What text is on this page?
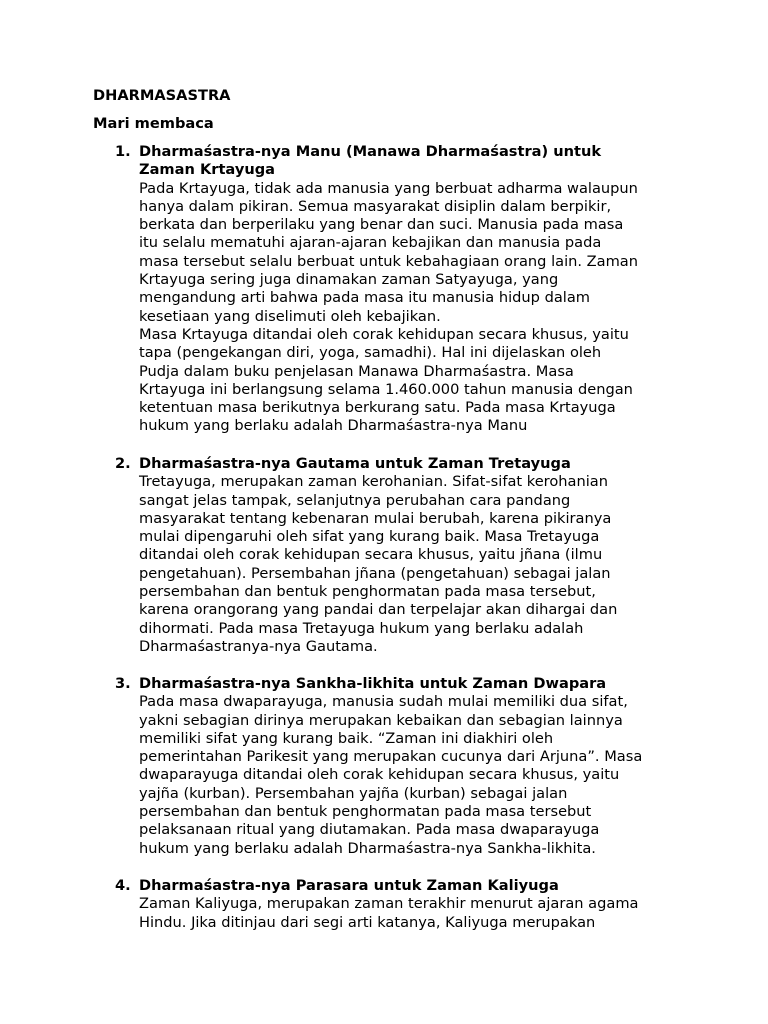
DHARMASASTRA
Mari membaca
1. Dharmaśastra-nya Manu (Manawa Dharmaśastra) untuk
Zaman Krtayuga
Pada Krtayuga, tidak ada manusia yang berbuat adharma walaupun
hanya dalam pikiran. Semua masyarakat disiplin dalam berpikir,
berkata dan berperilaku yang benar dan suci. Manusia pada masa
itu selalu mematuhi ajaran-ajaran kebajikan dan manusia pada
masa tersebut selalu berbuat untuk kebahagiaan orang lain. Zaman
Krtayuga sering juga dinamakan zaman Satyayuga, yang
mengandung arti bahwa pada masa itu manusia hidup dalam
kesetiaan yang diselimuti oleh kebajikan.
Masa Krtayuga ditandai oleh corak kehidupan secara khusus, yaitu
tapa (pengekangan diri, yoga, samadhi). Hal ini dijelaskan oleh
Pudja dalam buku penjelasan Manawa Dharmaśastra. Masa
Krtayuga ini berlangsung selama 1.460.000 tahun manusia dengan
ketentuan masa berikutnya berkurang satu. Pada masa Krtayuga
hukum yang berlaku adalah Dharmaśastra-nya Manu
2. Dharmaśastra-nya Gautama untuk Zaman Tretayuga
Tretayuga, merupakan zaman kerohanian. Sifat-sifat kerohanian
sangat jelas tampak, selanjutnya perubahan cara pandang
masyarakat tentang kebenaran mulai berubah, karena pikiranya
mulai dipengaruhi oleh sifat yang kurang baik. Masa Tretayuga
ditandai oleh corak kehidupan secara khusus, yaitu jñana (ilmu
pengetahuan). Persembahan jñana (pengetahuan) sebagai jalan
persembahan dan bentuk penghormatan pada masa tersebut,
karena orangorang yang pandai dan terpelajar akan dihargai dan
dihormati. Pada masa Tretayuga hukum yang berlaku adalah
Dharmaśastranya-nya Gautama.
3. Dharmaśastra-nya Sankha-likhita untuk Zaman Dwapara
Pada masa dwaparayuga, manusia sudah mulai memiliki dua sifat,
yakni sebagian dirinya merupakan kebaikan dan sebagian lainnya
memiliki sifat yang kurang baik. “Zaman ini diakhiri oleh
pemerintahan Parikesit yang merupakan cucunya dari Arjuna”. Masa
dwaparayuga ditandai oleh corak kehidupan secara khusus, yaitu
yajña (kurban). Persembahan yajña (kurban) sebagai jalan
persembahan dan bentuk penghormatan pada masa tersebut
pelaksanaan ritual yang diutamakan. Pada masa dwaparayuga
hukum yang berlaku adalah Dharmaśastra-nya Sankha-likhita.
4. Dharmaśastra-nya Parasara untuk Zaman Kaliyuga
Zaman Kaliyuga, merupakan zaman terakhir menurut ajaran agama
Hindu. Jika ditinjau dari segi arti katanya, Kaliyuga merupakan
